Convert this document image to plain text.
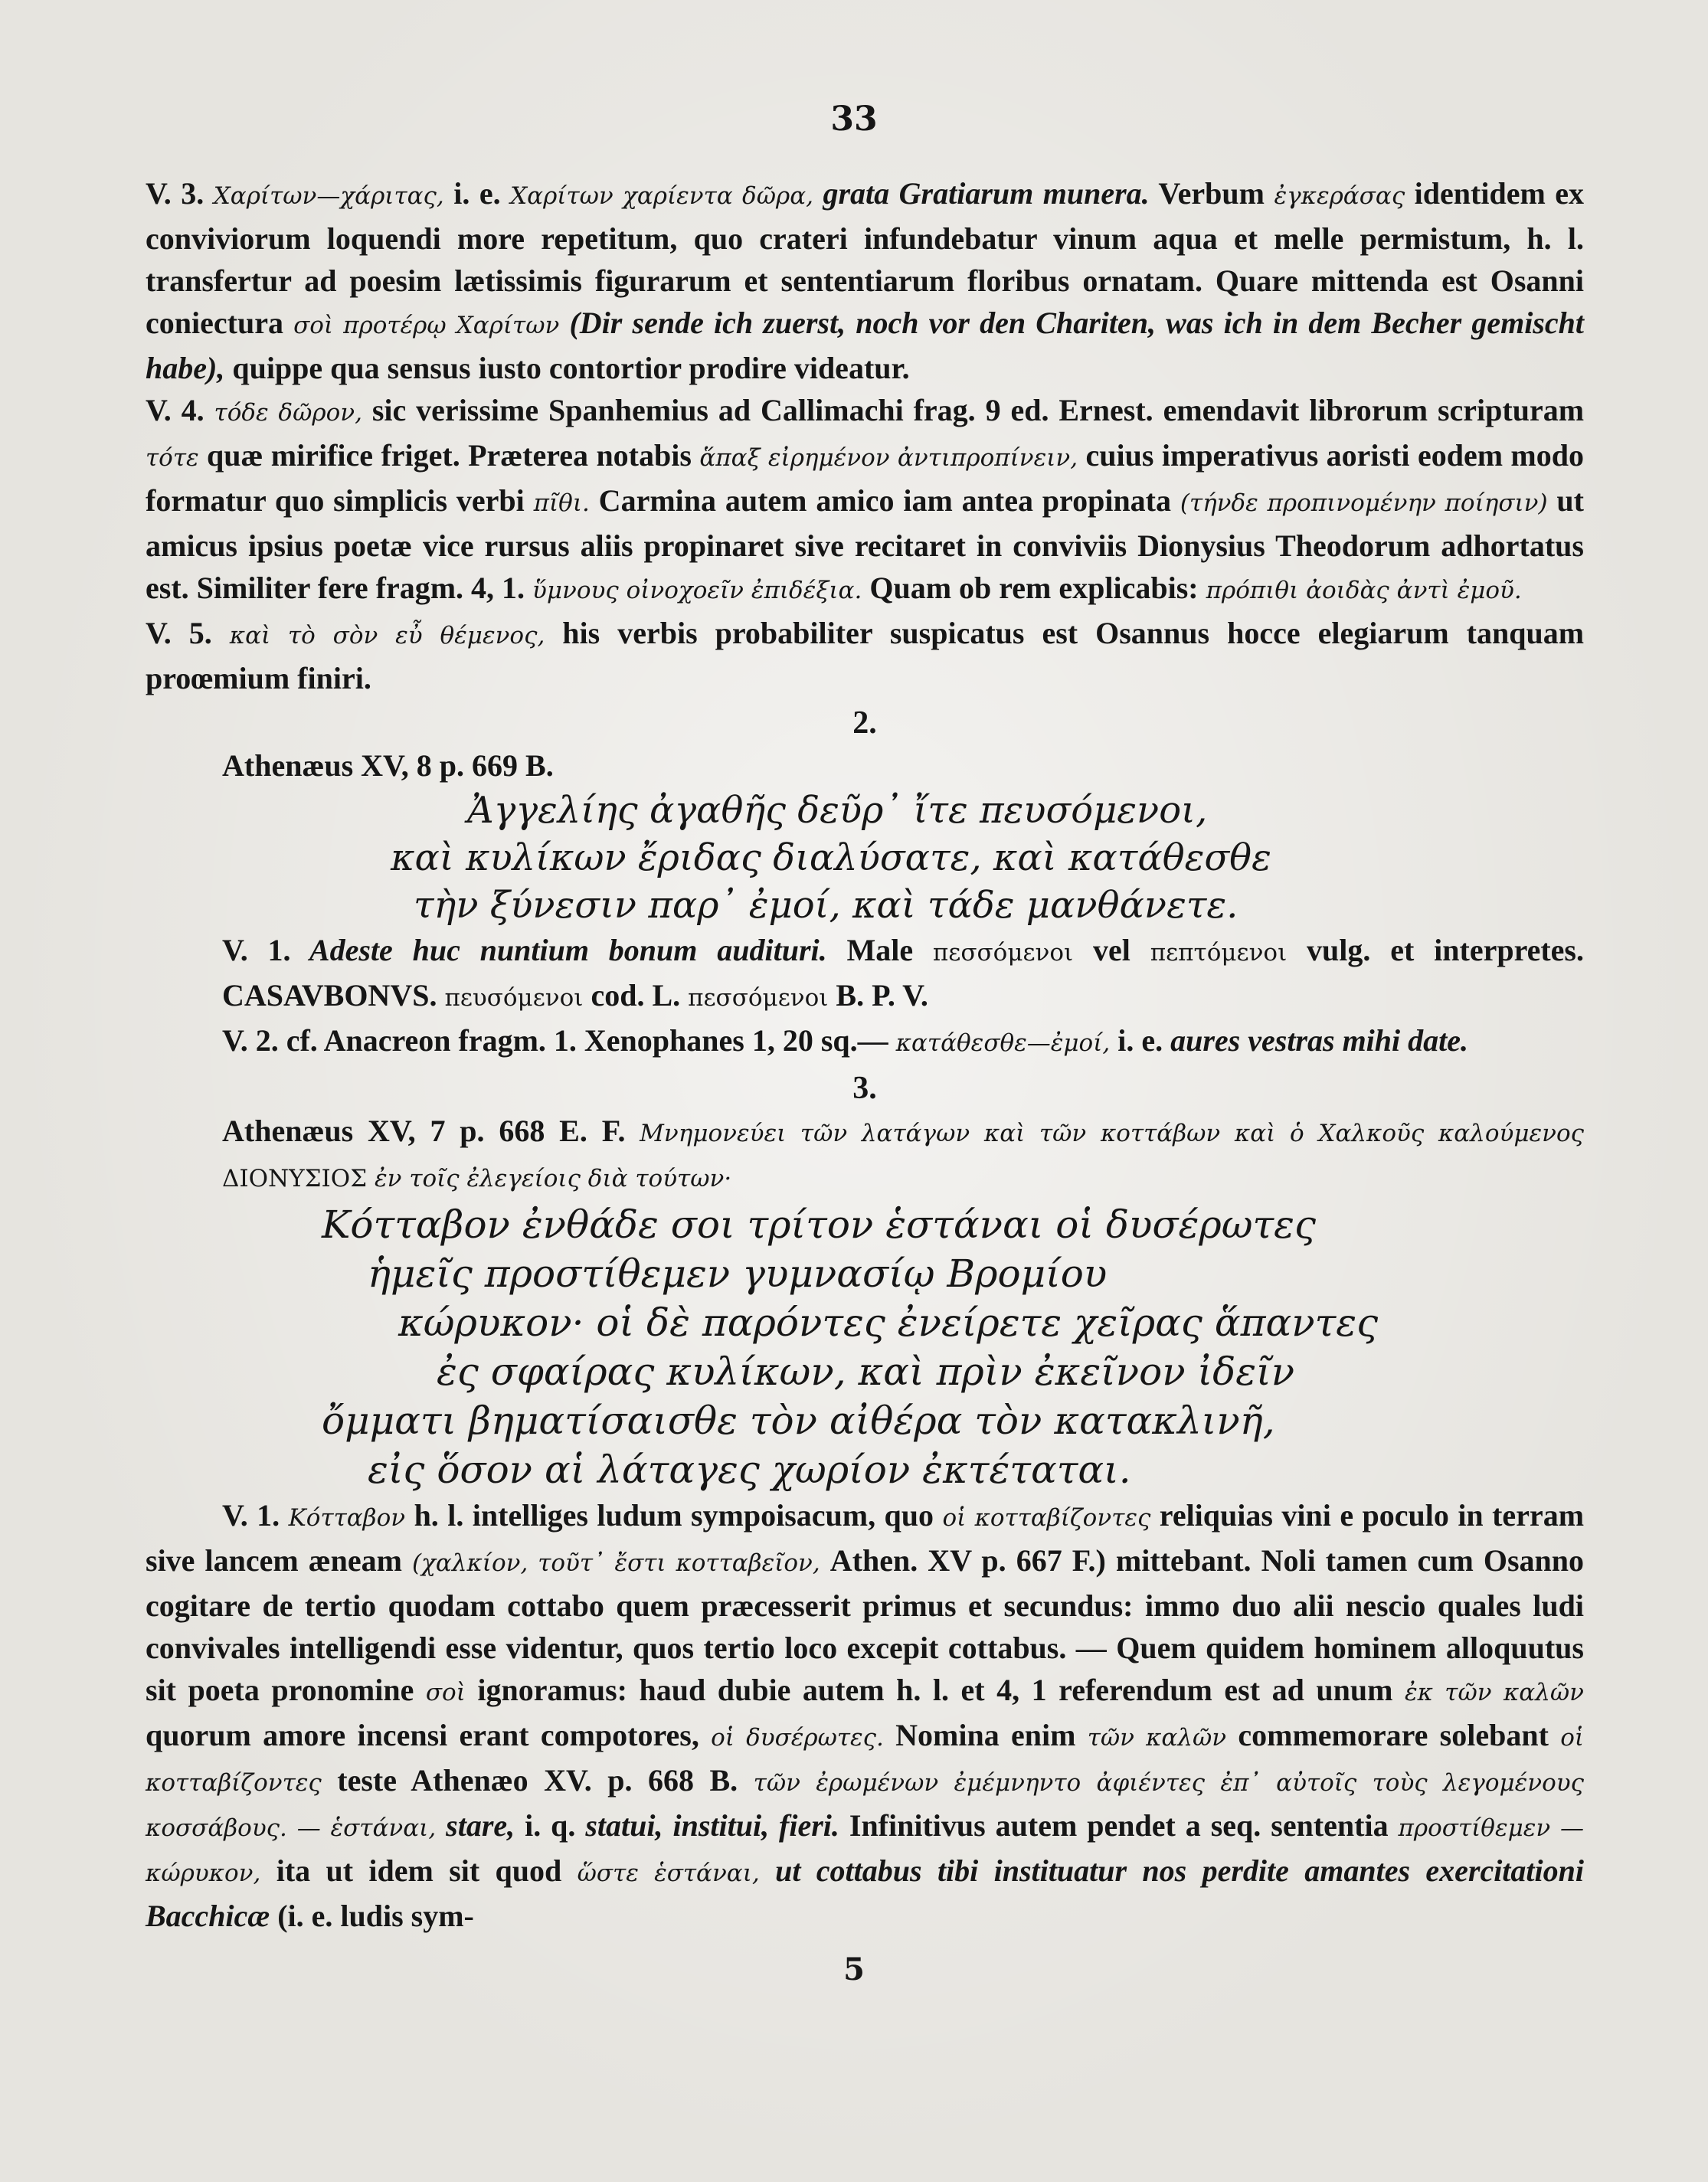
33

V. 3. Χαρίτων—χάριτας, i. e. Χαρίτων χαρίεντα δῶρα, grata Gratiarum munera. Verbum ἐγκεράσας identidem ex conviviorum loquendi more repetitum, quo crateri infundebatur vinum aqua et melle permistum, h. l. transfertur ad poesim lætissimis figurarum et sententiarum floribus ornatam. Quare mittenda est Osanni coniectura σοὶ προτέρῳ Χαρίτων (Dir sende ich zuerst, noch vor den Chariten, was ich in dem Becher gemischt habe), quippe qua sensus iusto contortior prodire videatur.

V. 4. τόδε δῶρον, sic verissime Spanhemius ad Callimachi frag. 9 ed. Ernest. emendavit librorum scripturam τότε quæ mirifice friget. Præterea notabis ἅπαξ εἰρημένον ἀντιπροπίνειν, cuius imperativus aoristi eodem modo formatur quo simplicis verbi πῖθι. Carmina autem amico iam antea propinata (τήνδε προπινομένην ποίησιν) ut amicus ipsius poetæ vice rursus aliis propinaret sive recitaret in conviviis Dionysius Theodorum adhortatus est. Similiter fere fragm. 4, 1. ὕμνους οἰνοχοεῖν ἐπιδέξια. Quam ob rem explicabis: πρόπιθι ἀοιδὰς ἀντὶ ἐμοῦ.

V. 5. καὶ τὸ σὸν εὖ θέμενος, his verbis probabiliter suspicatus est Osannus hocce elegiarum tanquam proœmium finiri.

2.

Athenæus XV, 8 p. 669 B.

Ἀγγελίης ἀγαθῆς δεῦρ᾽ ἴτε πευσόμενοι,

καὶ κυλίκων ἔριδας διαλύσατε, καὶ κατάθεσθε

τὴν ξύνεσιν παρ᾽ ἐμοί, καὶ τάδε μανθάνετε.

V. 1. Adeste huc nuntium bonum audituri. Male πεσσόμενοι vel πεπτόμενοι vulg. et interpretes. CASAVBONVS. πευσόμενοι cod. L. πεσσόμενοι B. P. V.

V. 2. cf. Anacreon fragm. 1. Xenophanes 1, 20 sq.— κατάθεσθε—ἐμοί, i. e. aures vestras mihi date.

3.

Athenæus XV, 7 p. 668 E. F. Μνημονεύει τῶν λατάγων καὶ τῶν κοττάβων καὶ ὁ Χαλκοῦς καλούμενος ΔΙΟΝΥΣΙΟΣ ἐν τοῖς ἐλεγείοις διὰ τούτων·

Κότταβον ἐνθάδε σοι τρίτον ἑστάναι οἱ δυσέρωτες

ἡμεῖς προστίθεμεν γυμνασίῳ Βρομίου

κώρυκον· οἱ δὲ παρόντες ἐνείρετε χεῖρας ἅπαντες

ἐς σφαίρας κυλίκων, καὶ πρὶν ἐκεῖνον ἰδεῖν

ὄμματι βηματίσαισθε τὸν αἰθέρα τὸν κατακλινῆ,

εἰς ὅσον αἱ λάταγες χωρίον ἐκτέταται.

V. 1. Κότταβον h. l. intelliges ludum sympoisacum, quo οἱ κοτταβίζοντες reliquias vini e poculo in terram sive lancem æneam (χαλκίον, τοῦτ᾽ ἔστι κοτταβεῖον, Athen. XV p. 667 F.) mittebant. Noli tamen cum Osanno cogitare de tertio quodam cottabo quem præcesserit primus et secundus: immo duo alii nescio quales ludi convivales intelligendi esse videntur, quos tertio loco excepit cottabus. — Quem quidem hominem alloquutus sit poeta pronomine σοὶ ignoramus: haud dubie autem h. l. et 4, 1 referendum est ad unum ἐκ τῶν καλῶν quorum amore incensi erant compotores, οἱ δυσέρωτες. Nomina enim τῶν καλῶν commemorare solebant οἱ κοτταβίζοντες teste Athenæo XV. p. 668 B. τῶν ἐρωμένων ἐμέμνηντο ἀφιέντες ἐπ᾽ αὐτοῖς τοὺς λεγομένους κοσσάβους. — ἑστάναι, stare, i. q. statui, institui, fieri. Infinitivus autem pendet a seq. sententia προστίθεμεν — κώρυκον, ita ut idem sit quod ὥστε ἑστάναι, ut cottabus tibi instituatur nos perdite amantes exercitationi Bacchicæ (i. e. ludis sym-

5
